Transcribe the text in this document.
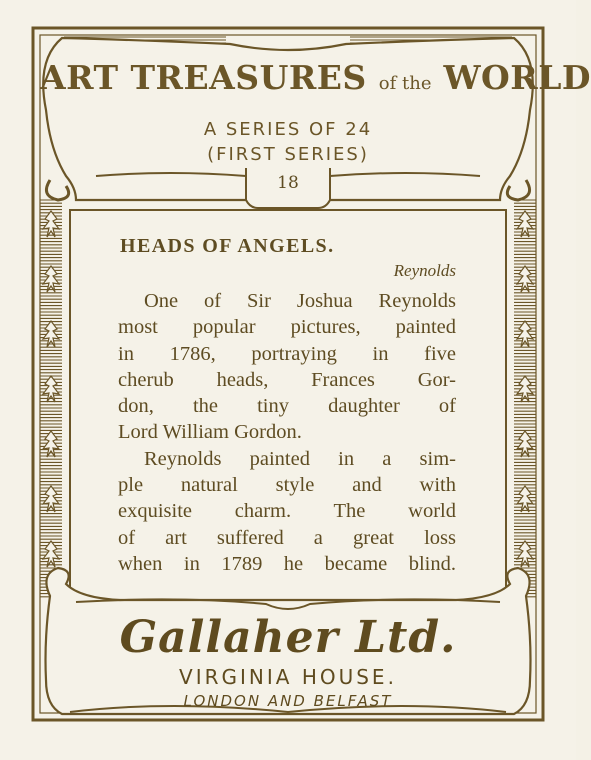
ART TREASURES of the WORLD
A SERIES OF 24
(FIRST SERIES)
18
HEADS OF ANGELS.
Reynolds
One of Sir Joshua Reynolds
most popular pictures, painted
in 1786, portraying in five
cherub heads, Frances Gor-
don, the tiny daughter of
Lord William Gordon.
Reynolds painted in a sim-
ple natural style and with
exquisite charm. The world
of art suffered a great loss
when in 1789 he became blind.
Gallaher Ltd.
VIRGINIA HOUSE.
LONDON AND BELFAST
